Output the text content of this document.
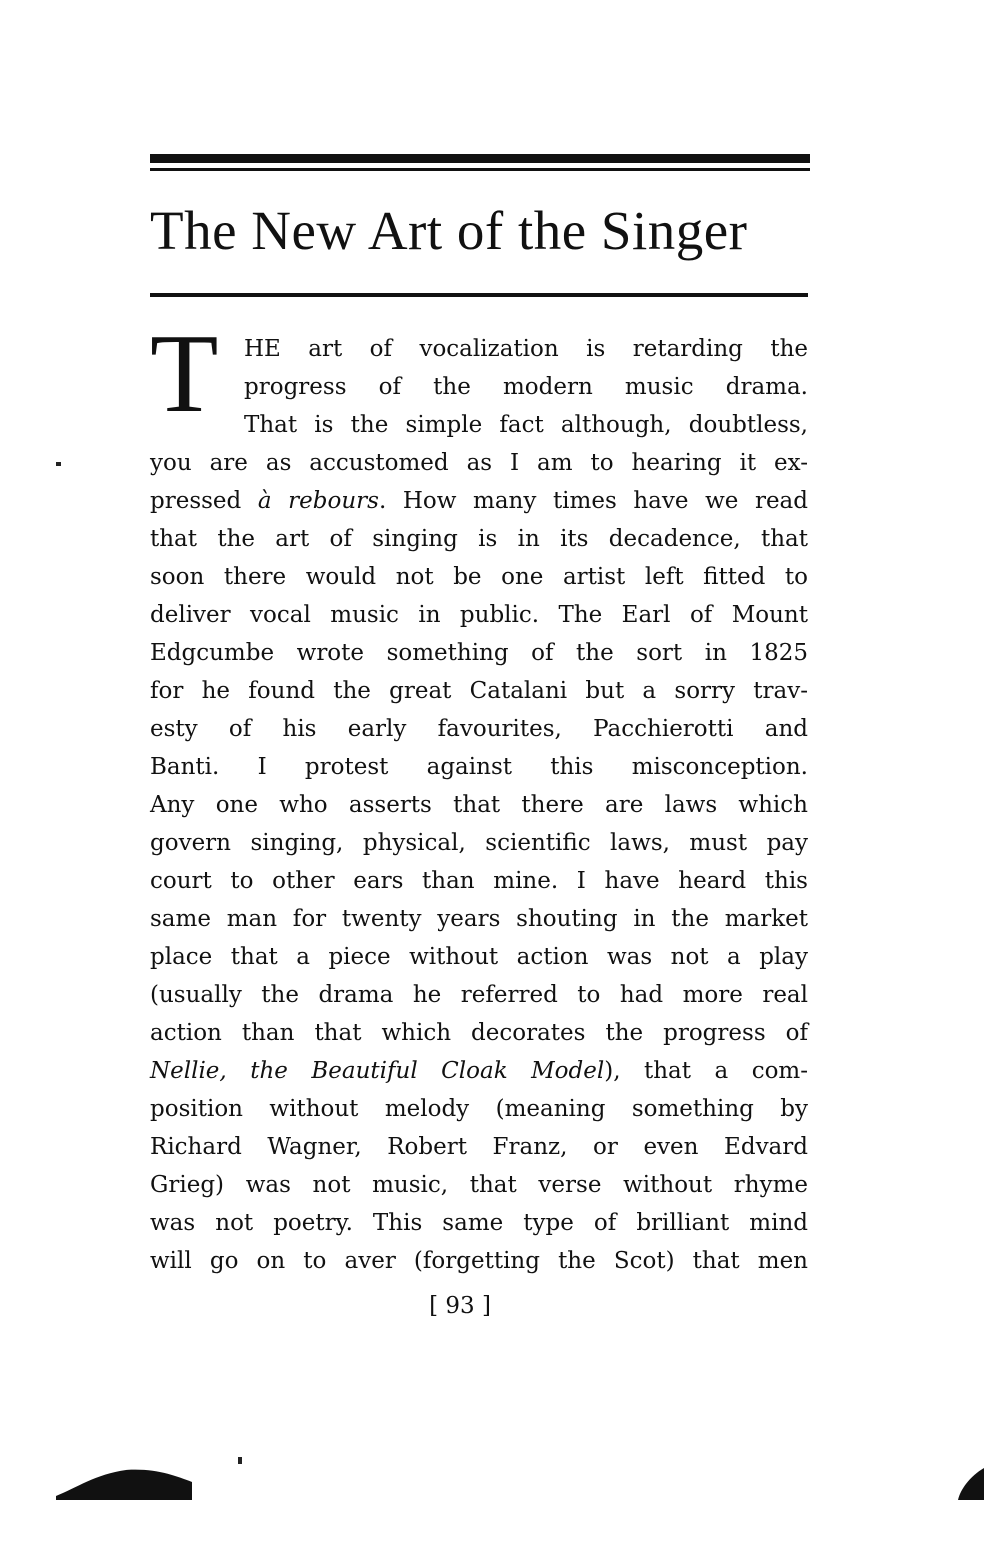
The New Art of the Singer
T	HE art of vocalization is retarding the
progress of the modern music drama.
That is the simple fact although, doubtless,
you are as accustomed as I am to hearing it ex-
pressed à rebours. How many times have we read
that the art of singing is in its decadence, that
soon there would not be one artist left fitted to
deliver vocal music in public. The Earl of Mount
Edgcumbe wrote something of the sort in 1825
for he found the great Catalani but a sorry trav-
esty of his early favourites, Pacchierotti and
Banti. I protest against this misconception.
Any one who asserts that there are laws which
govern singing, physical, scientific laws, must pay
court to other ears than mine. I have heard this
same man for twenty years shouting in the market
place that a piece without action was not a play
(usually the drama he referred to had more real
action than that which decorates the progress of
Nellie, the Beautiful Cloak Model), that a com-
position without melody (meaning something by
Richard Wagner, Robert Franz, or even Edvard
Grieg) was not music, that verse without rhyme
was not poetry. This same type of brilliant mind
will go on to aver (forgetting the Scot) that men
[ 93 ]
